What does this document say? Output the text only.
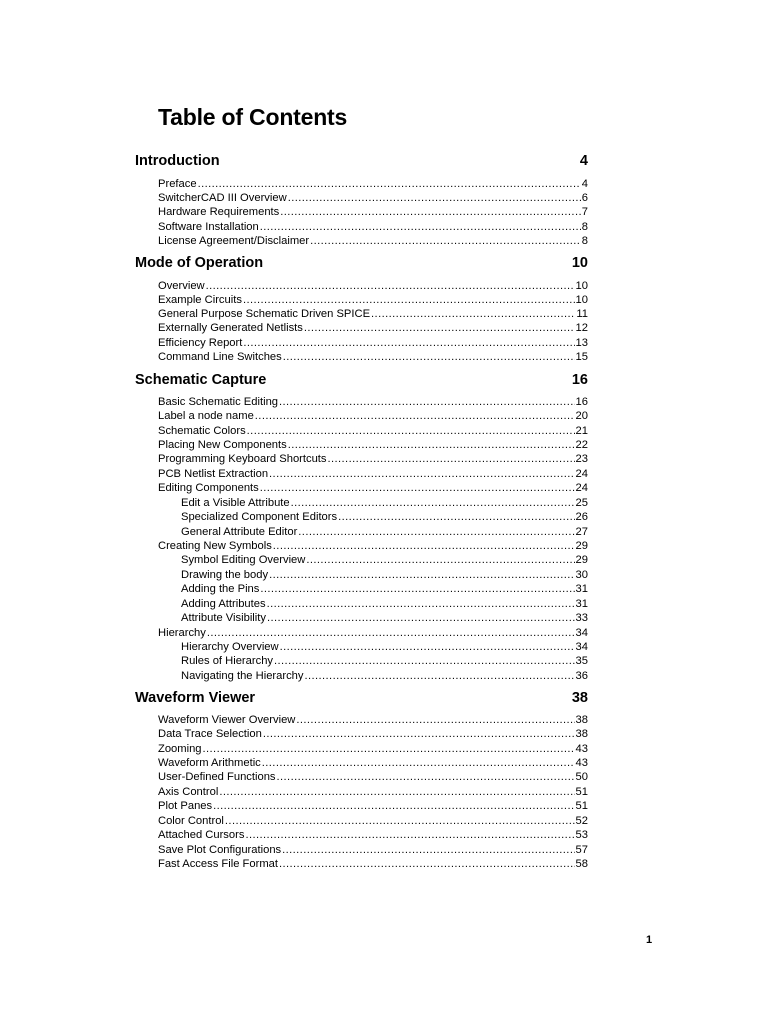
Table of Contents
Introduction	4
Preface .....	4
SwitcherCAD III Overview .....	6
Hardware Requirements .....	7
Software Installation .....	8
License Agreement/Disclaimer .....	8
Mode of Operation	10
Overview .....	10
Example Circuits .....	10
General Purpose Schematic Driven SPICE .....	11
Externally Generated Netlists .....	12
Efficiency Report .....	13
Command Line Switches .....	15
Schematic Capture	16
Basic Schematic Editing .....	16
Label a node name .....	20
Schematic Colors .....	21
Placing New Components .....	22
Programming Keyboard Shortcuts .....	23
PCB Netlist Extraction .....	24
Editing Components .....	24
Edit a Visible Attribute .....	25
Specialized Component Editors .....	26
General Attribute Editor .....	27
Creating New Symbols .....	29
Symbol Editing Overview .....	29
Drawing the body .....	30
Adding the Pins .....	31
Adding Attributes .....	31
Attribute Visibility .....	33
Hierarchy .....	34
Hierarchy Overview .....	34
Rules of Hierarchy .....	35
Navigating the Hierarchy .....	36
Waveform Viewer	38
Waveform Viewer Overview .....	38
Data Trace Selection .....	38
Zooming .....	43
Waveform Arithmetic .....	43
User-Defined Functions .....	50
Axis Control .....	51
Plot Panes .....	51
Color Control .....	52
Attached Cursors .....	53
Save Plot Configurations .....	57
Fast Access File Format .....	58
1
